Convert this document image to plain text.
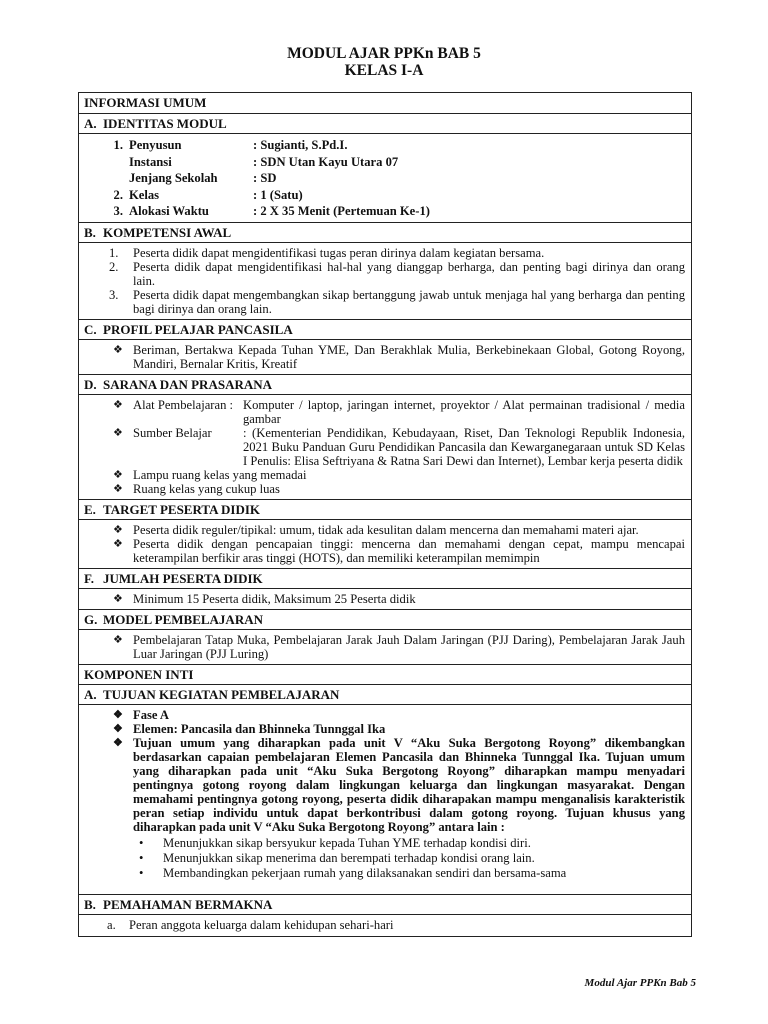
MODUL AJAR PPKn BAB 5
KELAS I-A
INFORMASI UMUM
A. IDENTITAS MODUL
1. Penyusun	: Sugianti, S.Pd.I.
Instansi	: SDN Utan Kayu Utara 07
Jenjang Sekolah	: SD
2. Kelas	: 1 (Satu)
3. Alokasi Waktu	: 2 X 35 Menit (Pertemuan Ke-1)
B. KOMPETENSI AWAL
1. Peserta didik dapat mengidentifikasi tugas peran dirinya dalam kegiatan bersama.
2. Peserta didik dapat mengidentifikasi hal-hal yang dianggap berharga, dan penting bagi dirinya dan orang lain.
3. Peserta didik dapat mengembangkan sikap bertanggung jawab untuk menjaga hal yang berharga dan penting bagi dirinya dan orang lain.
C. PROFIL PELAJAR PANCASILA
❖ Beriman, Bertakwa Kepada Tuhan YME, Dan Berakhlak Mulia, Berkebinekaan Global, Gotong Royong, Mandiri, Bernalar Kritis, Kreatif
D. SARANA DAN PRASARANA
❖ Alat Pembelajaran : Komputer / laptop, jaringan internet, proyektor / Alat permainan tradisional / media gambar
❖ Sumber Belajar	: (Kementerian Pendidikan, Kebudayaan, Riset, Dan Teknologi Republik Indonesia, 2021 Buku Panduan Guru Pendidikan Pancasila dan Kewarganegaraan untuk SD Kelas I Penulis: Elisa Seftriyana & Ratna Sari Dewi dan Internet), Lembar kerja peserta didik
❖ Lampu ruang kelas yang memadai
❖ Ruang kelas yang cukup luas
E. TARGET PESERTA DIDIK
❖ Peserta didik reguler/tipikal: umum, tidak ada kesulitan dalam mencerna dan memahami materi ajar.
❖ Peserta didik dengan pencapaian tinggi: mencerna dan memahami dengan cepat, mampu mencapai keterampilan berfikir aras tinggi (HOTS), dan memiliki keterampilan memimpin
F. JUMLAH PESERTA DIDIK
❖ Minimum 15 Peserta didik, Maksimum 25 Peserta didik
G. MODEL PEMBELAJARAN
❖ Pembelajaran Tatap Muka, Pembelajaran Jarak Jauh Dalam Jaringan (PJJ Daring), Pembelajaran Jarak Jauh Luar Jaringan (PJJ Luring)
KOMPONEN INTI
A. TUJUAN KEGIATAN PEMBELAJARAN
❖ Fase A
❖ Elemen: Pancasila dan Bhinneka Tunnggal Ika
❖ Tujuan umum yang diharapkan pada unit V “Aku Suka Bergotong Royong” dikembangkan berdasarkan capaian pembelajaran Elemen Pancasila dan Bhinneka Tunnggal Ika. Tujuan umum yang diharapkan pada unit “Aku Suka Bergotong Royong” diharapkan mampu menyadari pentingnya gotong royong dalam lingkungan keluarga dan lingkungan masyarakat. Dengan memahami pentingnya gotong royong, peserta didik diharapakan mampu menganalisis karakteristik peran setiap individu untuk dapat berkontribusi dalam gotong royong. Tujuan khusus yang diharapkan pada unit V “Aku Suka Bergotong Royong” antara lain :
• Menunjukkan sikap bersyukur kepada Tuhan YME terhadap kondisi diri.
• Menunjukkan sikap menerima dan berempati terhadap kondisi orang lain.
• Membandingkan pekerjaan rumah yang dilaksanakan sendiri dan bersama-sama
B. PEMAHAMAN BERMAKNA
a. Peran anggota keluarga dalam kehidupan sehari-hari
Modul Ajar PPKn Bab 5
